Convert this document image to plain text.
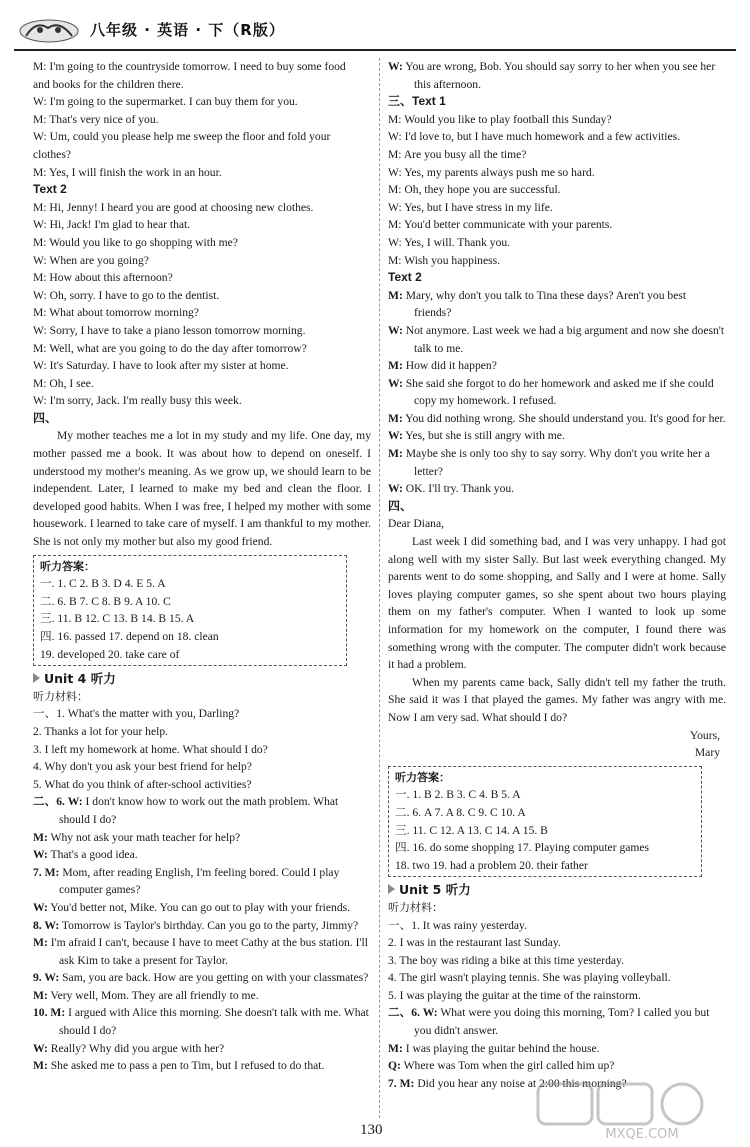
八年级 · 英语 · 下（R版）
M: I'm going to the countryside tomorrow. I need to buy some food
and books for the children there.
W: I'm going to the supermarket. I can buy them for you.
M: That's very nice of you.
W: Um, could you please help me sweep the floor and fold your
clothes?
M: Yes, I will finish the work in an hour.
Text 2
M: Hi, Jenny! I heard you are good at choosing new clothes.
W: Hi, Jack! I'm glad to hear that.
M: Would you like to go shopping with me?
W: When are you going?
M: How about this afternoon?
W: Oh, sorry. I have to go to the dentist.
M: What about tomorrow morning?
W: Sorry, I have to take a piano lesson tomorrow morning.
M: Well, what are you going to do the day after tomorrow?
W: It's Saturday. I have to look after my sister at home.
M: Oh, I see.
W: I'm sorry, Jack. I'm really busy this week.
四、
My mother teaches me a lot in my study and my life. One day, my mother passed me a book. It was about how to depend on oneself. I understood my mother's meaning. As we grow up, we should learn to be independent. Later, I learned to make my bed and clean the floor. I developed good habits. When I was free, I helped my mother with some housework. I learned to take care of myself. I am thankful to my mother. She is not only my mother but also my good friend.
听力答案：
一. 1. C 2. B 3. D 4. E 5. A
二. 6. B 7. C 8. B 9. A 10. C
三. 11. B 12. C 13. B 14. B 15. A
四. 16. passed 17. depend on 18. clean
19. developed 20. take care of
Unit 4 听力
听力材料：
一、1. What's the matter with you, Darling?
2. Thanks a lot for your help.
3. I left my homework at home. What should I do?
4. Why don't you ask your best friend for help?
5. What do you think of after-school activities?
二、6. W: I don't know how to work out the math problem. What should I do?
M: Why not ask your math teacher for help?
W: That's a good idea.
7. M: Mom, after reading English, I'm feeling bored. Could I play computer games?
W: You'd better not, Mike. You can go out to play with your friends.
8. W: Tomorrow is Taylor's birthday. Can you go to the party, Jimmy?
M: I'm afraid I can't, because I have to meet Cathy at the bus station. I'll ask Kim to take a present for Taylor.
9. W: Sam, you are back. How are you getting on with your classmates?
M: Very well, Mom. They are all friendly to me.
10. M: I argued with Alice this morning. She doesn't talk with me. What should I do?
W: Really? Why did you argue with her?
M: She asked me to pass a pen to Tim, but I refused to do that.
W: You are wrong, Bob. You should say sorry to her when you see her this afternoon.
三、Text 1
M: Would you like to play football this Sunday?
W: I'd love to, but I have much homework and a few activities.
M: Are you busy all the time?
W: Yes, my parents always push me so hard.
M: Oh, they hope you are successful.
W: Yes, but I have stress in my life.
M: You'd better communicate with your parents.
W: Yes, I will. Thank you.
M: Wish you happiness.
Text 2
M: Mary, why don't you talk to Tina these days? Aren't you best friends?
W: Not anymore. Last week we had a big argument and now she doesn't talk to me.
M: How did it happen?
W: She said she forgot to do her homework and asked me if she could copy my homework. I refused.
M: You did nothing wrong. She should understand you. It's good for her.
W: Yes, but she is still angry with me.
M: Maybe she is only too shy to say sorry. Why don't you write her a letter?
W: OK. I'll try. Thank you.
四、
Dear Diana,
Last week I did something bad, and I was very unhappy. I had got along well with my sister Sally. But last week everything changed. My parents went to do some shopping, and Sally and I were at home. Sally loves playing computer games, so she spent about two hours playing them on my father's computer. When I wanted to look up some information for my homework on the computer, I found there was something wrong with the computer. The computer didn't work because it had a problem.
When my parents came back, Sally didn't tell my father the truth. She said it was I that played the games. My father was angry with me. Now I am very sad. What should I do?
Yours,
Mary
听力答案：
一. 1. B 2. B 3. C 4. B 5. A
二. 6. A 7. A 8. C 9. C 10. A
三. 11. C 12. A 13. C 14. A 15. B
四. 16. do some shopping 17. Playing computer games
18. two 19. had a problem 20. their father
Unit 5 听力
听力材料：
一、1. It was rainy yesterday.
2. I was in the restaurant last Sunday.
3. The boy was riding a bike at this time yesterday.
4. The girl wasn't playing tennis. She was playing volleyball.
5. I was playing the guitar at the time of the rainstorm.
二、6. W: What were you doing this morning, Tom? I called you but you didn't answer.
M: I was playing the guitar behind the house.
Q: Where was Tom when the girl called him up?
7. M: Did you hear any noise at 2:00 this morning?
130	MXQE.COM
